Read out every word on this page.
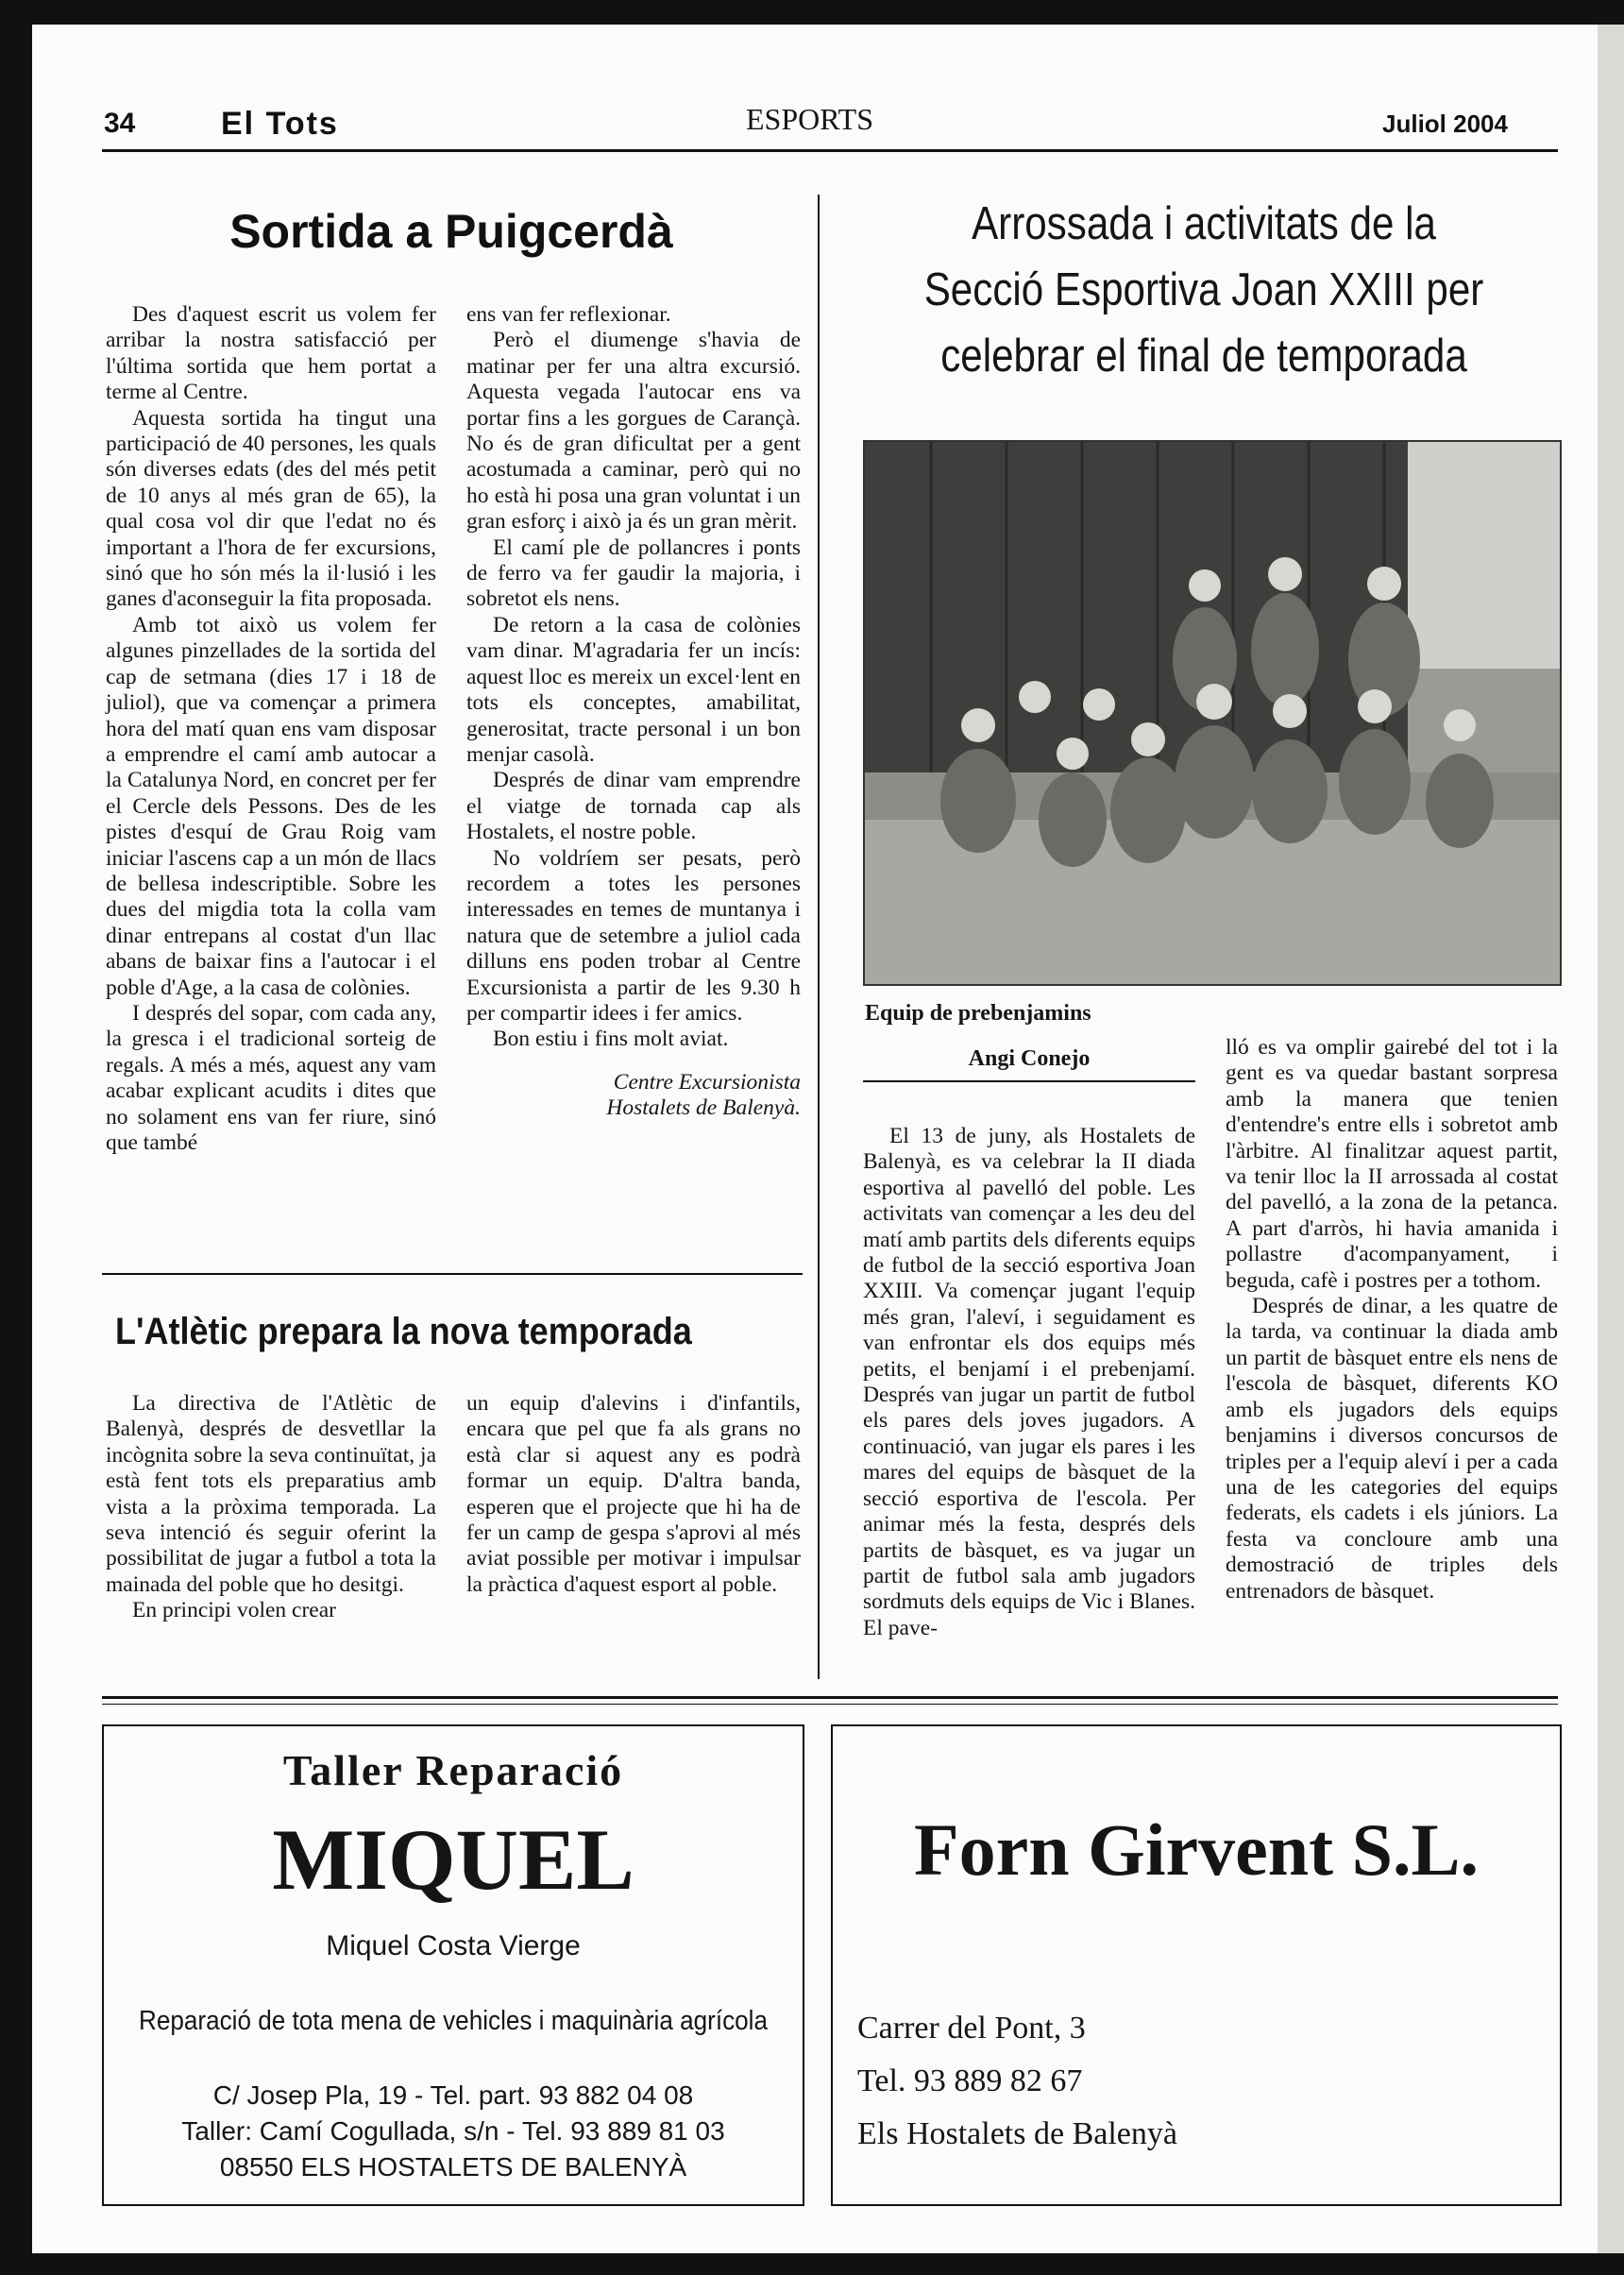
34	El Tots	ESPORTS	Juliol 2004
Sortida a Puigcerdà

Des d'aquest escrit us volem fer arribar la nostra satisfacció per l'última sortida que hem portat a terme al Centre.

Aquesta sortida ha tingut una participació de 40 persones, les quals són diverses edats (des del més petit de 10 anys al més gran de 65), la qual cosa vol dir que l'edat no és important a l'hora de fer excursions, sinó que ho són més la il·lusió i les ganes d'aconseguir la fita proposada.

Amb tot això us volem fer algunes pinzellades de la sortida del cap de setmana (dies 17 i 18 de juliol), que va començar a primera hora del matí quan ens vam disposar a emprendre el camí amb autocar a la Catalunya Nord, en concret per fer el Cercle dels Pessons. Des de les pistes d'esquí de Grau Roig vam iniciar l'ascens cap a un món de llacs de bellesa indescriptible. Sobre les dues del migdia tota la colla vam dinar entrepans al costat d'un llac abans de baixar fins a l'autocar i el poble d'Age, a la casa de colònies.

I després del sopar, com cada any, la gresca i el tradicional sorteig de regals. A més a més, aquest any vam acabar explicant acudits i dites que no solament ens van fer riure, sinó que també

ens van fer reflexionar.

Però el diumenge s'havia de matinar per fer una altra excursió. Aquesta vegada l'autocar ens va portar fins a les gorgues de Carançà. No és de gran dificultat per a gent acostumada a caminar, però qui no ho està hi posa una gran voluntat i un gran esforç i això ja és un gran mèrit.

El camí ple de pollancres i ponts de ferro va fer gaudir la majoria, i sobretot els nens.

De retorn a la casa de colònies vam dinar. M'agradaria fer un incís: aquest lloc es mereix un excel·lent en tots els conceptes, amabilitat, generositat, tracte personal i un bon menjar casolà.

Després de dinar vam emprendre el viatge de tornada cap als Hostalets, el nostre poble.

No voldríem ser pesats, però recordem a totes les persones interessades en temes de muntanya i natura que de setembre a juliol cada dilluns ens poden trobar al Centre Excursionista a partir de les 9.30 h per compartir idees i fer amics.

Bon estiu i fins molt aviat.

Centre Excursionista
Hostalets de Balenyà.

L'Atlètic prepara la nova temporada

La directiva de l'Atlètic de Balenyà, després de desvetllar la incògnita sobre la seva continuïtat, ja està fent tots els preparatius amb vista a la pròxima temporada. La seva intenció és seguir oferint la possibilitat de jugar a futbol a tota la mainada del poble que ho desitgi.

En principi volen crear

un equip d'alevins i d'infantils, encara que pel que fa als grans no està clar si aquest any es podrà formar un equip. D'altra banda, esperen que el projecte que hi ha de fer un camp de gespa s'aprovi al més aviat possible per motivar i impulsar la pràctica d'aquest esport al poble.

Arrossada i activitats de la
Secció Esportiva Joan XXIII per
celebrar el final de temporada
Equip de prebenjamins
Angi Conejo

El 13 de juny, als Hostalets de Balenyà, es va celebrar la II diada esportiva al pavelló del poble. Les activitats van començar a les deu del matí amb partits dels diferents equips de futbol de la secció esportiva Joan XXIII. Va començar jugant l'equip més gran, l'aleví, i seguidament es van enfrontar els dos equips més petits, el benjamí i el prebenjamí. Després van jugar un partit de futbol els pares dels joves jugadors. A continuació, van jugar els pares i les mares del equips de bàsquet de la secció esportiva de l'escola. Per animar més la festa, després dels partits de bàsquet, es va jugar un partit de futbol sala amb jugadors sordmuts dels equips de Vic i Blanes. El pave-

lló es va omplir gairebé del tot i la gent es va quedar bastant sorpresa amb la manera que tenien d'entendre's entre ells i sobretot amb l'àrbitre. Al finalitzar aquest partit, va tenir lloc la II arrossada al costat del pavelló, a la zona de la petanca. A part d'arròs, hi havia amanida i pollastre d'acompanyament, i beguda, cafè i postres per a tothom.

Després de dinar, a les quatre de la tarda, va continuar la diada amb un partit de bàsquet entre els nens de l'escola de bàsquet, diferents KO amb els jugadors dels equips benjamins i diversos concursos de triples per a l'equip aleví i per a cada una de les categories del equips federats, els cadets i els júniors. La festa va concloure amb una demostració de triples dels entrenadors de bàsquet.

Taller Reparació
MIQUEL
Miquel Costa Vierge
Reparació de tota mena de vehicles i maquinària agrícola
C/ Josep Pla, 19 - Tel. part. 93 882 04 08
Taller: Camí Cogullada, s/n - Tel. 93 889 81 03
08550 ELS HOSTALETS DE BALENYÀ
Forn Girvent S.L.
Carrer del Pont, 3
Tel. 93 889 82 67
Els Hostalets de Balenyà
